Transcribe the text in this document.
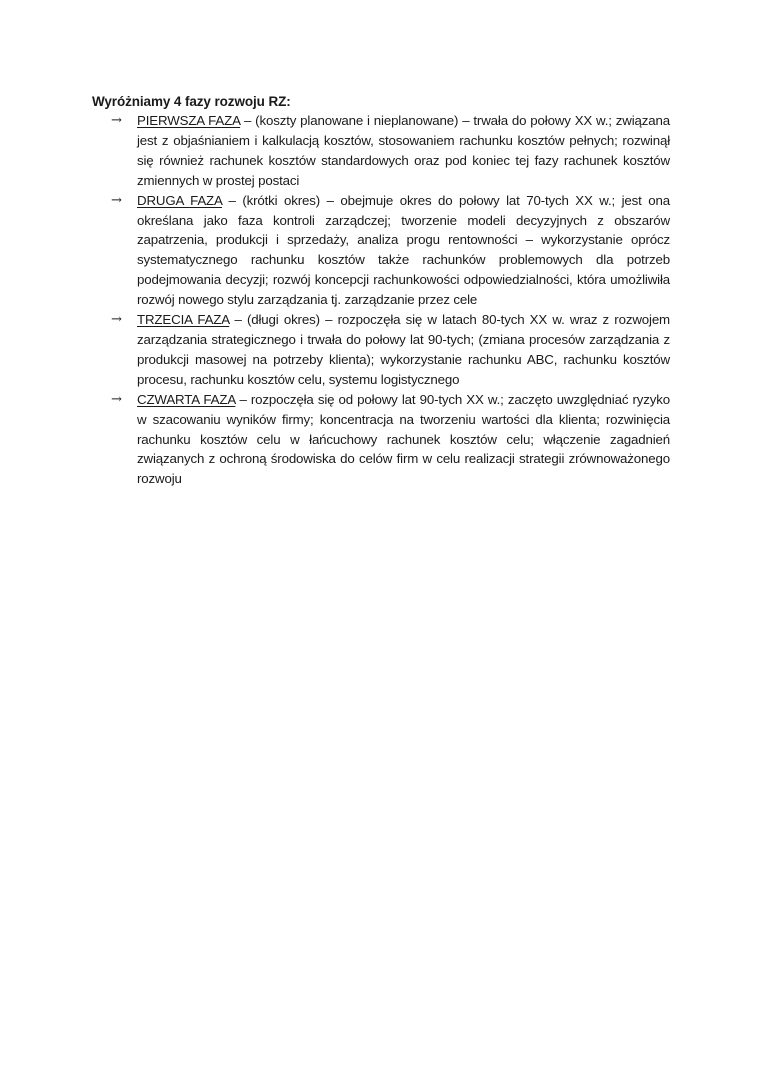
Wyróżniamy 4 fazy rozwoju RZ:
→ PIERWSZA FAZA – (koszty planowane i nieplanowane) – trwała do połowy XX w.; związana jest z objaśnianiem i kalkulacją kosztów, stosowaniem rachunku kosztów pełnych; rozwinął się również rachunek kosztów standardowych oraz pod koniec tej fazy rachunek kosztów zmiennych w prostej postaci
→ DRUGA FAZA – (krótki okres) – obejmuje okres do połowy lat 70-tych XX w.; jest ona określana jako faza kontroli zarządczej; tworzenie modeli decyzyjnych z obszarów zapatrzenia, produkcji i sprzedaży, analiza progu rentowności – wykorzystanie oprócz systematycznego rachunku kosztów także rachunków problemowych dla potrzeb podejmowania decyzji; rozwój koncepcji rachunkowości odpowiedzialności, która umożliwiła rozwój nowego stylu zarządzania tj. zarządzanie przez cele
→ TRZECIA FAZA – (długi okres) – rozpoczęła się w latach 80-tych XX w. wraz z rozwojem zarządzania strategicznego i trwała do połowy lat 90-tych; (zmiana procesów zarządzania z produkcji masowej na potrzeby klienta); wykorzystanie rachunku ABC, rachunku kosztów procesu, rachunku kosztów celu, systemu logistycznego
→ CZWARTA FAZA – rozpoczęła się od połowy lat 90-tych XX w.; zaczęto uwzględniać ryzyko w szacowaniu wyników firmy; koncentracja na tworzeniu wartości dla klienta; rozwinięcia rachunku kosztów celu w łańcuchowy rachunek kosztów celu; włączenie zagadnień związanych z ochroną środowiska do celów firm w celu realizacji strategii zrównoważonego rozwoju
